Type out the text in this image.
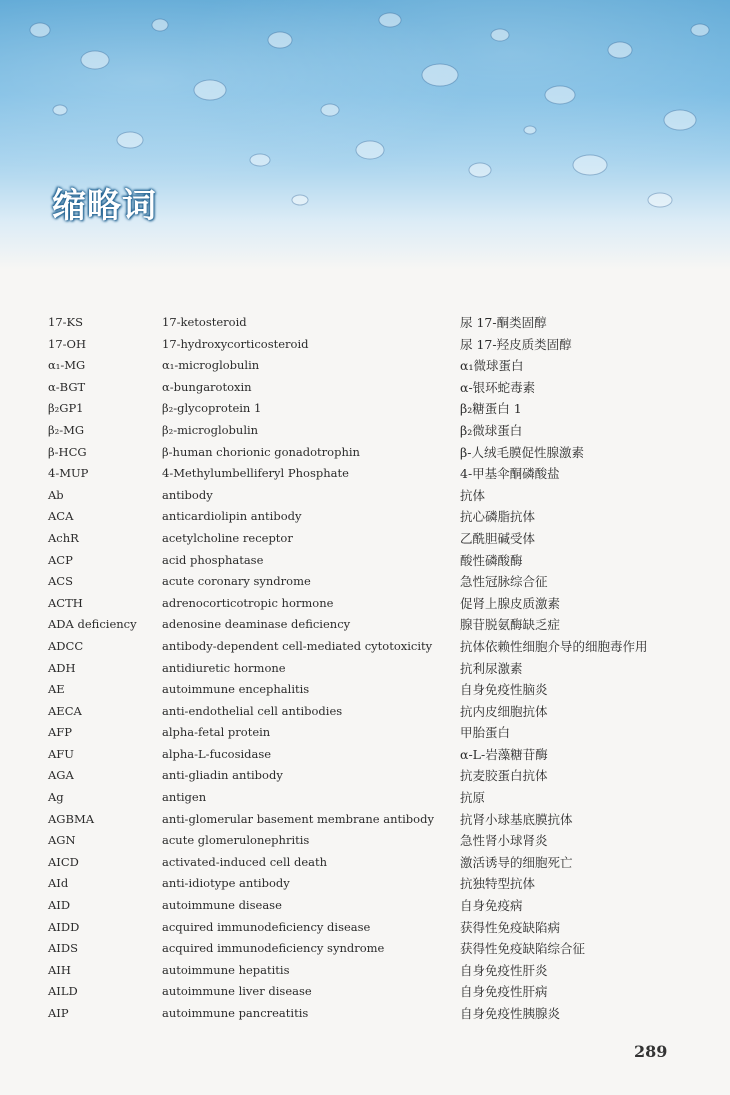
缩略词
17-KS	17-ketosteroid	尿 17-酮类固醇
17-OH	17-hydroxycorticosteroid	尿 17-羟皮质类固醇
α₁-MG	α₁-microglobulin	α₁微球蛋白
α-BGT	α-bungarotoxin	α-银环蛇毒素
β₂GP1	β₂-glycoprotein 1	β₂糖蛋白 1
β₂-MG	β₂-microglobulin	β₂微球蛋白
β-HCG	β-human chorionic gonadotrophin	β-人绒毛膜促性腺激素
4-MUP	4-Methylumbelliferyl Phosphate	4-甲基伞酮磷酸盐
Ab	antibody	抗体
ACA	anticardiolipin antibody	抗心磷脂抗体
AchR	acetylcholine receptor	乙酰胆碱受体
ACP	acid phosphatase	酸性磷酸酶
ACS	acute coronary syndrome	急性冠脉综合征
ACTH	adrenocorticotropic hormone	促肾上腺皮质激素
ADA deficiency	adenosine deaminase deficiency	腺苷脱氨酶缺乏症
ADCC	antibody-dependent cell-mediated cytotoxicity	抗体依赖性细胞介导的细胞毒作用
ADH	antidiuretic hormone	抗利尿激素
AE	autoimmune encephalitis	自身免疫性脑炎
AECA	anti-endothelial cell antibodies	抗内皮细胞抗体
AFP	alpha-fetal protein	甲胎蛋白
AFU	alpha-L-fucosidase	α-L-岩藻糖苷酶
AGA	anti-gliadin antibody	抗麦胶蛋白抗体
Ag	antigen	抗原
AGBMA	anti-glomerular basement membrane antibody	抗肾小球基底膜抗体
AGN	acute glomerulonephritis	急性肾小球肾炎
AICD	activated-induced cell death	激活诱导的细胞死亡
AId	anti-idiotype antibody	抗独特型抗体
AID	autoimmune disease	自身免疫病
AIDD	acquired immunodeficiency disease	获得性免疫缺陷病
AIDS	acquired immunodeficiency syndrome	获得性免疫缺陷综合征
AIH	autoimmune hepatitis	自身免疫性肝炎
AILD	autoimmune liver disease	自身免疫性肝病
AIP	autoimmune pancreatitis	自身免疫性胰腺炎
289
